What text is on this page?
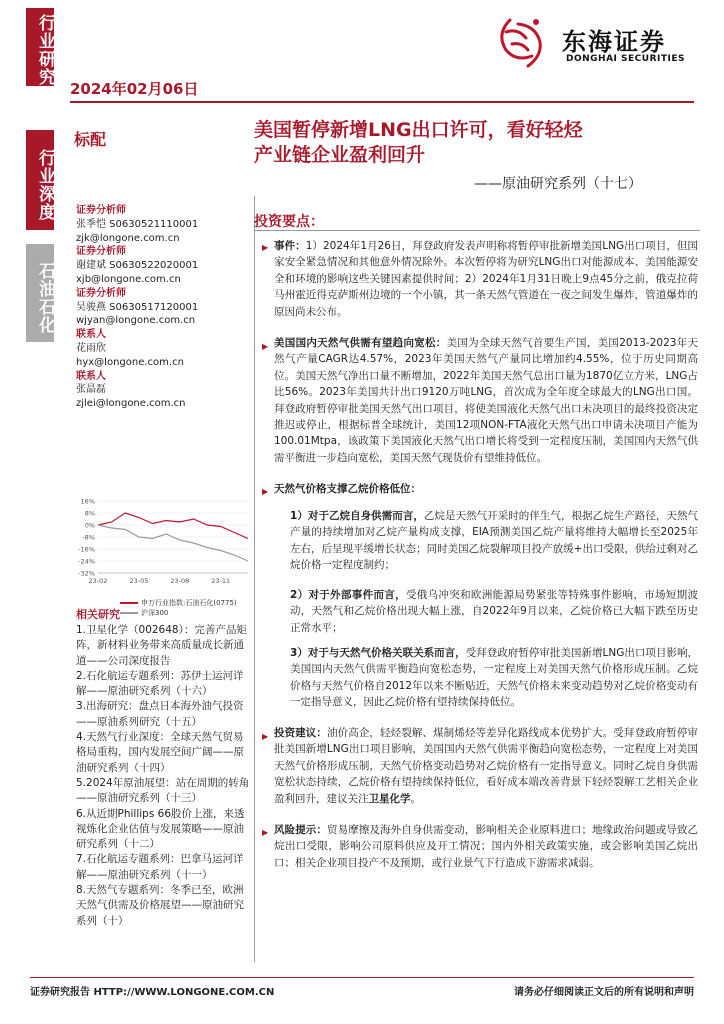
行业研究
行业深度
石油石化
2024年02月06日
东海证券
DONGHAI SECURITIES
标配	美国暂停新增LNG出口许可，看好轻烃
产业链企业盈利回升
——原油研究系列（十七）
证券分析师
张季恺 S0630521110001
zjk@longone.com.cn
证券分析师
谢建斌 S0630522020001
xjb@longone.com.cn
证券分析师
吴骏燕 S0630517120001
wjyan@longone.com.cn
联系人
花雨欣
hyx@longone.com.cn
联系人
张晶磊
zjlei@longone.com.cn
16%
8%
0%
-8%
-16%
-24%
-32%
23-02	23-05	23-08	23-11
申万行业指数:石油石化(0775)
沪深300
相关研究
1.卫星化学（002648）：完善产品矩阵，新材料业务带来高质量成长新通道——公司深度报告
2.石化航运专题系列：苏伊士运河详解——原油研究系列（十六）
3.出海研究：盘点日本海外油气投资——原油系列研究（十五）
4.天然气行业深度：全球天然气贸易格局重构，国内发展空间广阔——原油研究系列（十四）
5.2024年原油展望：站在周期的转角——原油研究系列（十三）
6.从近期Phillips 66股价上涨，来透视炼化企业估值与发展策略——原油研究系列（十二）
7.石化航运专题系列：巴拿马运河详解——原油研究系列（十一）
8.天然气专题系列：冬季已至，欧洲天然气供需及价格展望——原油研究系列（十）
投资要点：
▶ 事件：1）2024年1月26日，拜登政府发表声明称将暂停审批新增美国LNG出口项目，但国家安全紧急情况和其他意外情况除外。本次暂停将为研究LNG出口对能源成本、美国能源安全和环境的影响这些关键因素提供时间；2）2024年1月31日晚上9点45分之前，俄克拉荷马州霍近得克萨斯州边境的一个小镇，其一条天然气管道在一夜之间发生爆炸，管道爆炸的原因尚未公布。
▶ 美国国内天然气供需有望趋向宽松：美国为全球天然气首要生产国，美国2013-2023年天然气产量CAGR达4.57%，2023年美国天然气产量同比增加约4.55%，位于历史同期高位。美国天然气净出口量不断增加，2022年美国天然气总出口量为1870亿立方米，LNG占比56%。2023年美国共计出口9120万吨LNG，首次成为全年度全球最大的LNG出口国。拜登政府暂停审批美国天然气出口项目，将使美国液化天然气出口未决项目的最终投资决定推迟或停止，根据标普全球统计，美国12项NON-FTA液化天然气出口申请未决项目产能为100.01Mtpa，该政策下美国液化天然气出口增长将受到一定程度压制，美国国内天然气供需平衡进一步趋向宽松，美国天然气现货价有望维持低位。
▶ 天然气价格支撑乙烷价格低位：
1）对于乙烷自身供需而言，乙烷是天然气开采时的伴生气，根据乙烷生产路径，天然气产量的持续增加对乙烷产量构成支撑，EIA预测美国乙烷产量将维持大幅增长至2025年左右，后呈现平缓增长状态；同时美国乙烷裂解项目投产放缓+出口受限，供给过剩对乙烷价格一定程度制约；
2）对于外部事件而言，受俄乌冲突和欧洲能源局势紧张等特殊事件影响，市场短期波动，天然气和乙烷价格出现大幅上涨，自2022年9月以来，乙烷价格已大幅下跌至历史正常水平；
3）对于与天然气价格关联关系而言，受拜登政府暂停审批美国新增LNG出口项目影响，美国国内天然气供需平衡趋向宽松态势，一定程度上对美国天然气价格形成压制。乙烷价格与天然气价格自2012年以来不断贴近，天然气价格未来变动趋势对乙烷价格变动有一定指导意义，因此乙烷价格有望持续保持低位。
▶ 投资建议：油价高企，轻烃裂解、煤制烯烃等差异化路线成本优势扩大。受拜登政府暂停审批美国新增LNG出口项目影响，美国国内天然气供需平衡趋向宽松态势，一定程度上对美国天然气价格形成压制，天然气价格变动趋势对乙烷价格有一定指导意义。同时乙烷自身供需宽松状态持续，乙烷价格有望持续保持低位，看好成本端改善背景下轻烃裂解工艺相关企业盈利回升，建议关注卫星化学。
▶ 风险提示：贸易摩擦及海外自身供需变动，影响相关企业原料进口；地缘政治问题或导致乙烷出口受限，影响公司原料供应及开工情况；国内外相关政策实施，或会影响美国乙烷出口；相关企业项目投产不及预期，或行业景气下行造成下游需求减弱。
证券研究报告 HTTP://WWW.LONGONE.COM.CN	请务必仔细阅读正文后的所有说明和声明
